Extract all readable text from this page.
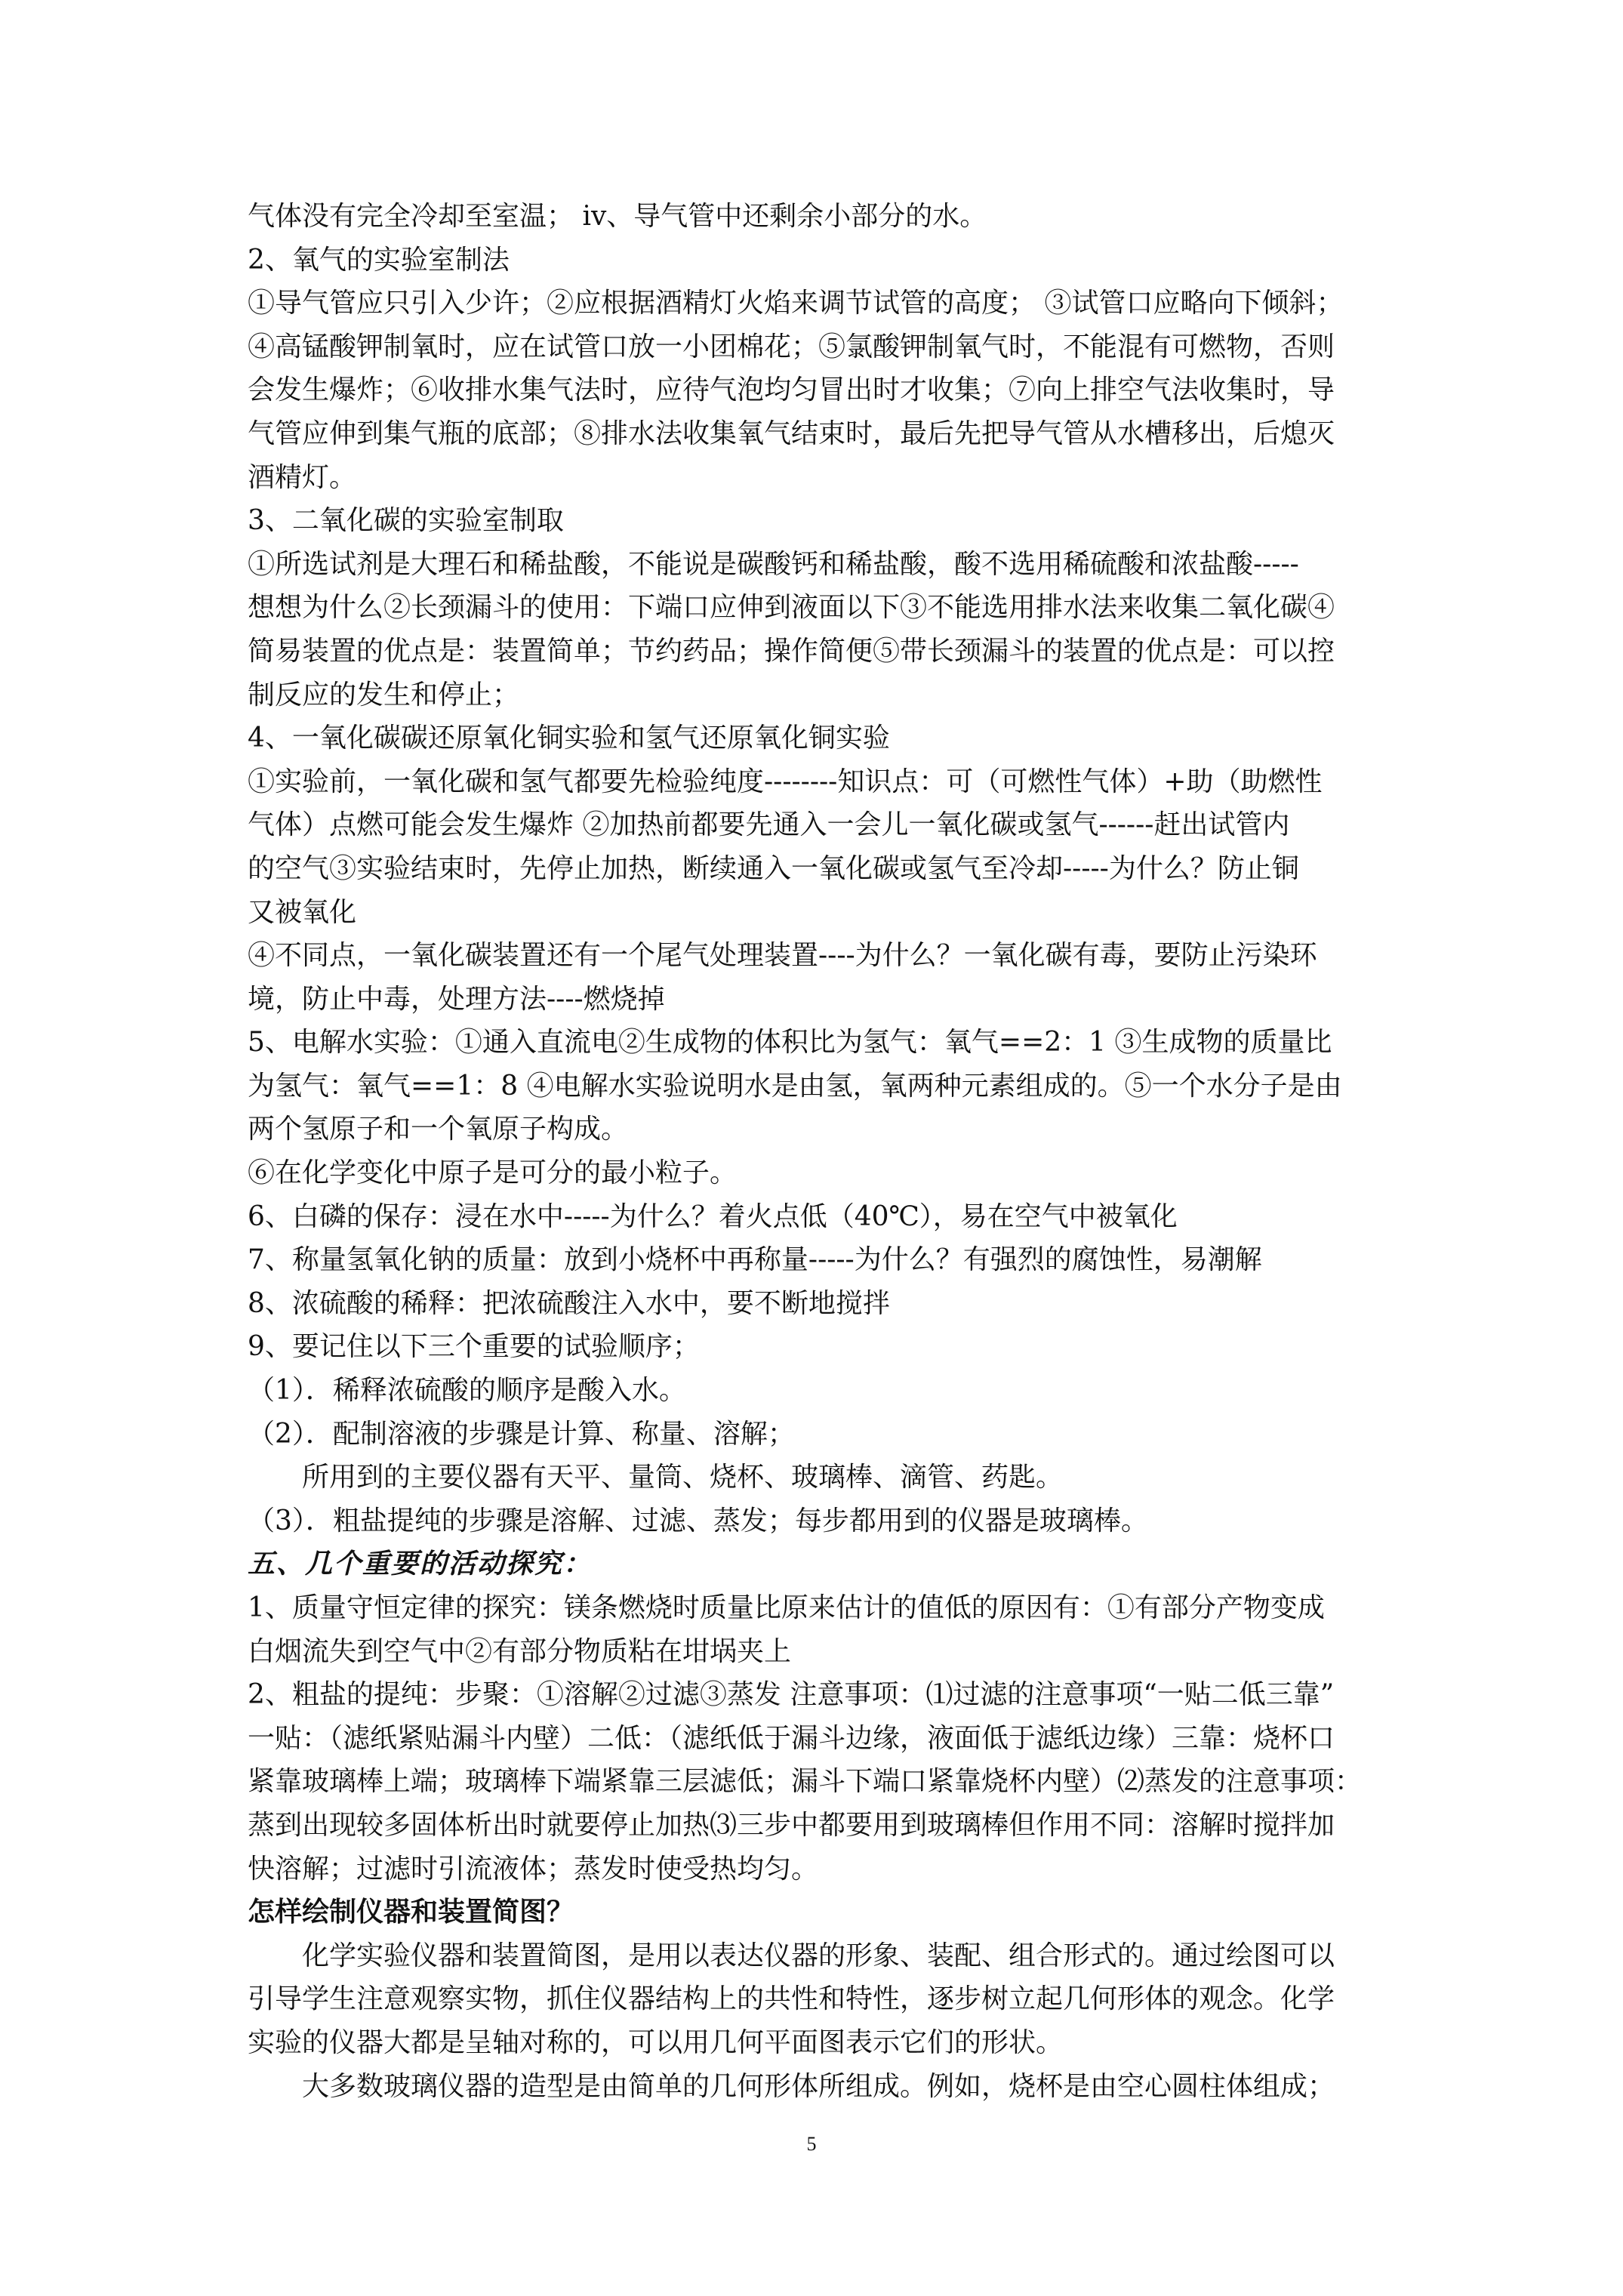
气体没有完全冷却至室温； ⅳ、导气管中还剩余小部分的水。
2、氧气的实验室制法
①导气管应只引入少许；②应根据酒精灯火焰来调节试管的高度； ③试管口应略向下倾斜；
④高锰酸钾制氧时，应在试管口放一小团棉花；⑤氯酸钾制氧气时，不能混有可燃物，否则
会发生爆炸；⑥收排水集气法时，应待气泡均匀冒出时才收集；⑦向上排空气法收集时，导
气管应伸到集气瓶的底部；⑧排水法收集氧气结束时，最后先把导气管从水槽移出，后熄灭
酒精灯。
3、二氧化碳的实验室制取
①所选试剂是大理石和稀盐酸，不能说是碳酸钙和稀盐酸，酸不选用稀硫酸和浓盐酸-----
想想为什么②长颈漏斗的使用：下端口应伸到液面以下③不能选用排水法来收集二氧化碳④
简易装置的优点是：装置简单；节约药品；操作简便⑤带长颈漏斗的装置的优点是：可以控
制反应的发生和停止；
4、一氧化碳碳还原氧化铜实验和氢气还原氧化铜实验
①实验前，一氧化碳和氢气都要先检验纯度--------知识点：可（可燃性气体）+助（助燃性
气体）点燃可能会发生爆炸 ②加热前都要先通入一会儿一氧化碳或氢气------赶出试管内
的空气③实验结束时，先停止加热，断续通入一氧化碳或氢气至冷却-----为什么？防止铜
又被氧化
④不同点，一氧化碳装置还有一个尾气处理装置----为什么？一氧化碳有毒，要防止污染环
境，防止中毒，处理方法----燃烧掉
5、电解水实验：①通入直流电②生成物的体积比为氢气：氧气==2：1 ③生成物的质量比
为氢气：氧气==1：8 ④电解水实验说明水是由氢，氧两种元素组成的。⑤一个水分子是由
两个氢原子和一个氧原子构成。
⑥在化学变化中原子是可分的最小粒子。
6、白磷的保存：浸在水中-----为什么？着火点低（40℃），易在空气中被氧化
7、称量氢氧化钠的质量：放到小烧杯中再称量-----为什么？有强烈的腐蚀性，易潮解
8、浓硫酸的稀释：把浓硫酸注入水中，要不断地搅拌
9、要记住以下三个重要的试验顺序；
（1）．稀释浓硫酸的顺序是酸入水。
（2）．配制溶液的步骤是计算、称量、溶解；
所用到的主要仪器有天平、量筒、烧杯、玻璃棒、滴管、药匙。
（3）．粗盐提纯的步骤是溶解、过滤、蒸发；每步都用到的仪器是玻璃棒。
五、几个重要的活动探究：
1、质量守恒定律的探究：镁条燃烧时质量比原来估计的值低的原因有：①有部分产物变成
白烟流失到空气中②有部分物质粘在坩埚夹上
2、粗盐的提纯：步聚：①溶解②过滤③蒸发 注意事项：⑴过滤的注意事项“一贴二低三靠”
一贴：（滤纸紧贴漏斗内壁）二低：（滤纸低于漏斗边缘，液面低于滤纸边缘）三靠：烧杯口
紧靠玻璃棒上端；玻璃棒下端紧靠三层滤低；漏斗下端口紧靠烧杯内壁）⑵蒸发的注意事项：
蒸到出现较多固体析出时就要停止加热⑶三步中都要用到玻璃棒但作用不同：溶解时搅拌加
快溶解；过滤时引流液体；蒸发时使受热均匀。
怎样绘制仪器和装置简图？
化学实验仪器和装置简图，是用以表达仪器的形象、装配、组合形式的。通过绘图可以
引导学生注意观察实物，抓住仪器结构上的共性和特性，逐步树立起几何形体的观念。化学
实验的仪器大都是呈轴对称的，可以用几何平面图表示它们的形状。
大多数玻璃仪器的造型是由简单的几何形体所组成。例如，烧杯是由空心圆柱体组成；
5
